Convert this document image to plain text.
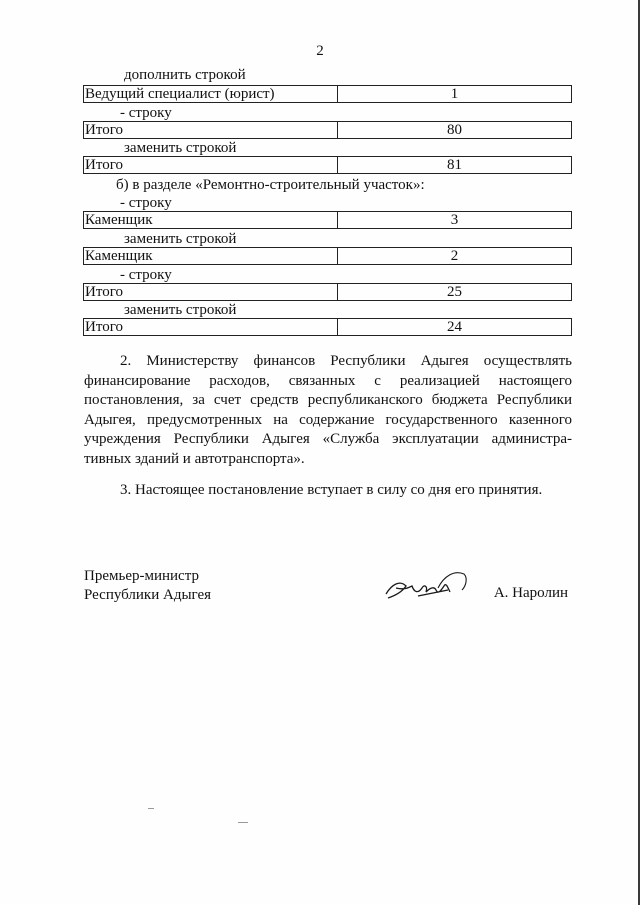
2
дополнить строкой
Ведущий специалист (юрист)	1
- строку
Итого	80
заменить строкой
Итого	81
б) в разделе «Ремонтно-строительный участок»:
- строку
Каменщик	3
заменить строкой
Каменщик	2
- строку
Итого	25
заменить строкой
Итого	24
2. Министерству финансов Республики Адыгея осуществлять финансирование расходов, связанных с реализацией настоящего постановления, за счет средств республиканского бюджета Республики Адыгея, предусмотренных на содержание государственного казенного учреждения Республики Адыгея «Служба эксплуатации администра-тивных зданий и автотранспорта».
3. Настоящее постановление вступает в силу со дня его принятия.
Премьер-министр
Республики Адыгея	А. Наролин
